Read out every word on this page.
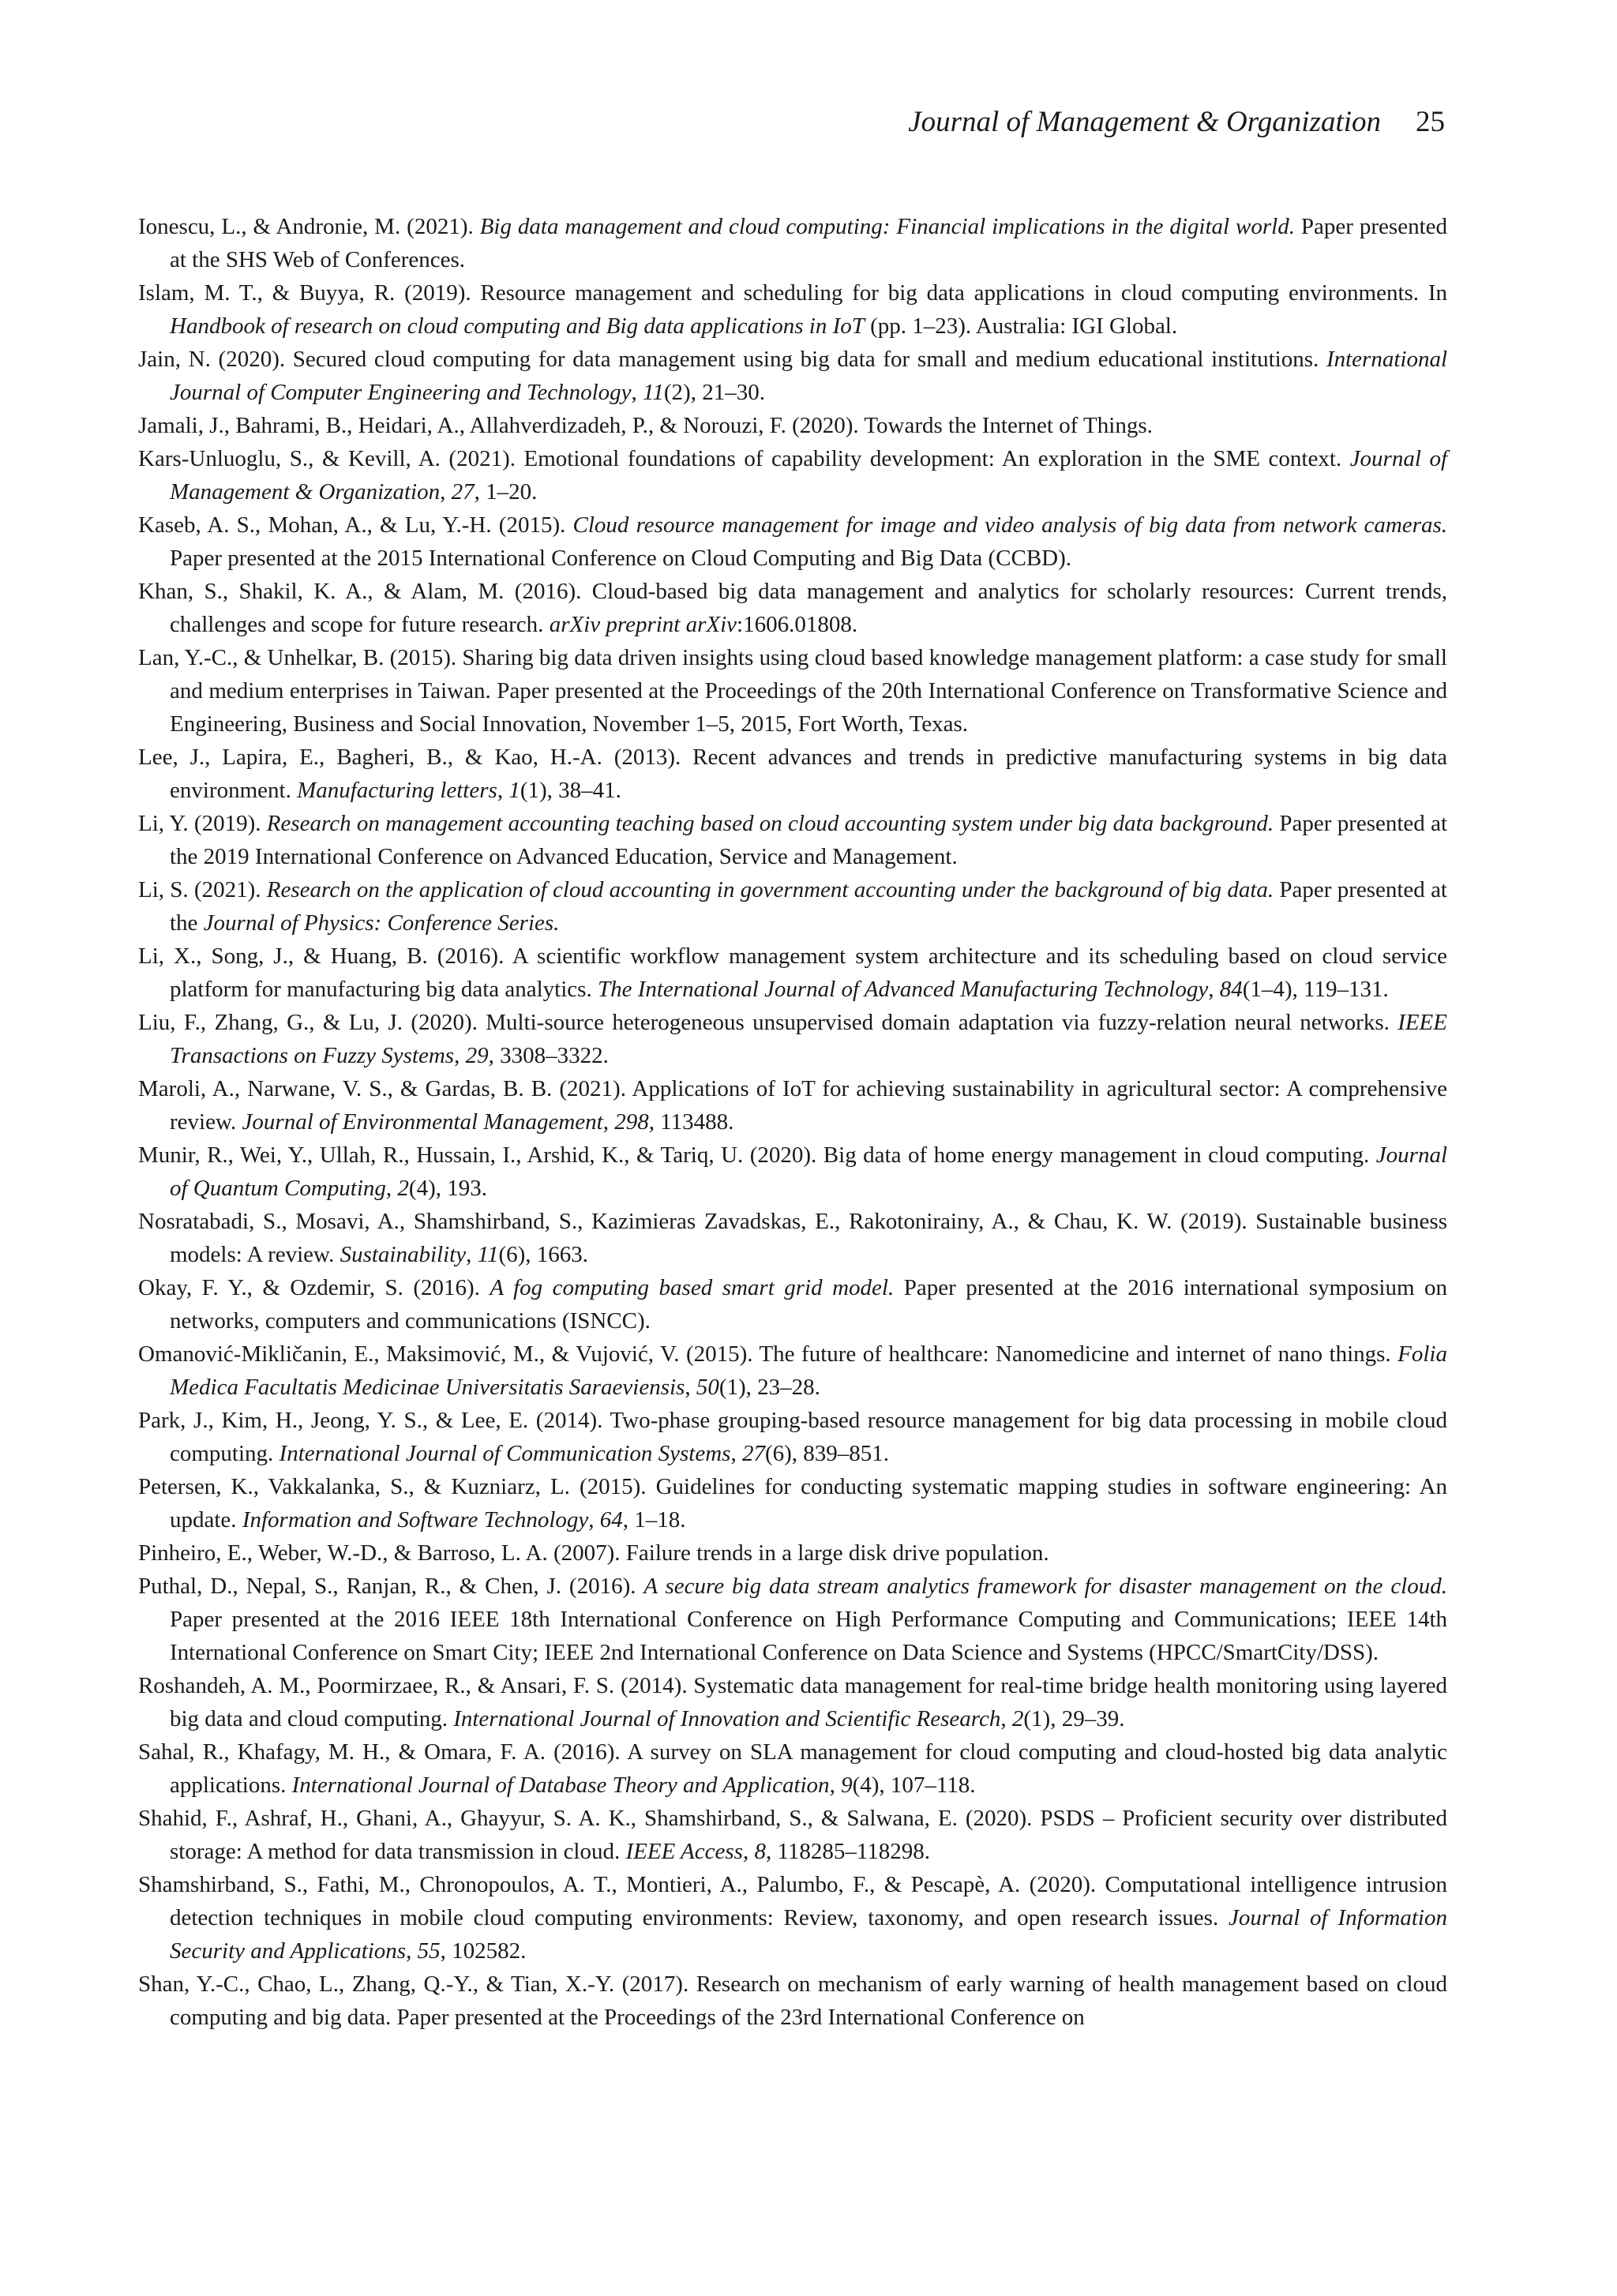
Journal of Management & Organization 25
Ionescu, L., & Andronie, M. (2021). Big data management and cloud computing: Financial implications in the digital world. Paper presented at the SHS Web of Conferences.
Islam, M. T., & Buyya, R. (2019). Resource management and scheduling for big data applications in cloud computing environments. In Handbook of research on cloud computing and Big data applications in IoT (pp. 1–23). Australia: IGI Global.
Jain, N. (2020). Secured cloud computing for data management using big data for small and medium educational institutions. International Journal of Computer Engineering and Technology, 11(2), 21–30.
Jamali, J., Bahrami, B., Heidari, A., Allahverdizadeh, P., & Norouzi, F. (2020). Towards the Internet of Things.
Kars-Unluoglu, S., & Kevill, A. (2021). Emotional foundations of capability development: An exploration in the SME context. Journal of Management & Organization, 27, 1–20.
Kaseb, A. S., Mohan, A., & Lu, Y.-H. (2015). Cloud resource management for image and video analysis of big data from network cameras. Paper presented at the 2015 International Conference on Cloud Computing and Big Data (CCBD).
Khan, S., Shakil, K. A., & Alam, M. (2016). Cloud-based big data management and analytics for scholarly resources: Current trends, challenges and scope for future research. arXiv preprint arXiv:1606.01808.
Lan, Y.-C., & Unhelkar, B. (2015). Sharing big data driven insights using cloud based knowledge management platform: a case study for small and medium enterprises in Taiwan. Paper presented at the Proceedings of the 20th International Conference on Transformative Science and Engineering, Business and Social Innovation, November 1–5, 2015, Fort Worth, Texas.
Lee, J., Lapira, E., Bagheri, B., & Kao, H.-A. (2013). Recent advances and trends in predictive manufacturing systems in big data environment. Manufacturing letters, 1(1), 38–41.
Li, Y. (2019). Research on management accounting teaching based on cloud accounting system under big data background. Paper presented at the 2019 International Conference on Advanced Education, Service and Management.
Li, S. (2021). Research on the application of cloud accounting in government accounting under the background of big data. Paper presented at the Journal of Physics: Conference Series.
Li, X., Song, J., & Huang, B. (2016). A scientific workflow management system architecture and its scheduling based on cloud service platform for manufacturing big data analytics. The International Journal of Advanced Manufacturing Technology, 84(1–4), 119–131.
Liu, F., Zhang, G., & Lu, J. (2020). Multi-source heterogeneous unsupervised domain adaptation via fuzzy-relation neural networks. IEEE Transactions on Fuzzy Systems, 29, 3308–3322.
Maroli, A., Narwane, V. S., & Gardas, B. B. (2021). Applications of IoT for achieving sustainability in agricultural sector: A comprehensive review. Journal of Environmental Management, 298, 113488.
Munir, R., Wei, Y., Ullah, R., Hussain, I., Arshid, K., & Tariq, U. (2020). Big data of home energy management in cloud computing. Journal of Quantum Computing, 2(4), 193.
Nosratabadi, S., Mosavi, A., Shamshirband, S., Kazimieras Zavadskas, E., Rakotonirainy, A., & Chau, K. W. (2019). Sustainable business models: A review. Sustainability, 11(6), 1663.
Okay, F. Y., & Ozdemir, S. (2016). A fog computing based smart grid model. Paper presented at the 2016 international symposium on networks, computers and communications (ISNCC).
Omanović-Mikličanin, E., Maksimović, M., & Vujović, V. (2015). The future of healthcare: Nanomedicine and internet of nano things. Folia Medica Facultatis Medicinae Universitatis Saraeviensis, 50(1), 23–28.
Park, J., Kim, H., Jeong, Y. S., & Lee, E. (2014). Two-phase grouping-based resource management for big data processing in mobile cloud computing. International Journal of Communication Systems, 27(6), 839–851.
Petersen, K., Vakkalanka, S., & Kuzniarz, L. (2015). Guidelines for conducting systematic mapping studies in software engineering: An update. Information and Software Technology, 64, 1–18.
Pinheiro, E., Weber, W.-D., & Barroso, L. A. (2007). Failure trends in a large disk drive population.
Puthal, D., Nepal, S., Ranjan, R., & Chen, J. (2016). A secure big data stream analytics framework for disaster management on the cloud. Paper presented at the 2016 IEEE 18th International Conference on High Performance Computing and Communications; IEEE 14th International Conference on Smart City; IEEE 2nd International Conference on Data Science and Systems (HPCC/SmartCity/DSS).
Roshandeh, A. M., Poormirzaee, R., & Ansari, F. S. (2014). Systematic data management for real-time bridge health monitoring using layered big data and cloud computing. International Journal of Innovation and Scientific Research, 2(1), 29–39.
Sahal, R., Khafagy, M. H., & Omara, F. A. (2016). A survey on SLA management for cloud computing and cloud-hosted big data analytic applications. International Journal of Database Theory and Application, 9(4), 107–118.
Shahid, F., Ashraf, H., Ghani, A., Ghayyur, S. A. K., Shamshirband, S., & Salwana, E. (2020). PSDS – Proficient security over distributed storage: A method for data transmission in cloud. IEEE Access, 8, 118285–118298.
Shamshirband, S., Fathi, M., Chronopoulos, A. T., Montieri, A., Palumbo, F., & Pescapè, A. (2020). Computational intelligence intrusion detection techniques in mobile cloud computing environments: Review, taxonomy, and open research issues. Journal of Information Security and Applications, 55, 102582.
Shan, Y.-C., Chao, L., Zhang, Q.-Y., & Tian, X.-Y. (2017). Research on mechanism of early warning of health management based on cloud computing and big data. Paper presented at the Proceedings of the 23rd International Conference on
